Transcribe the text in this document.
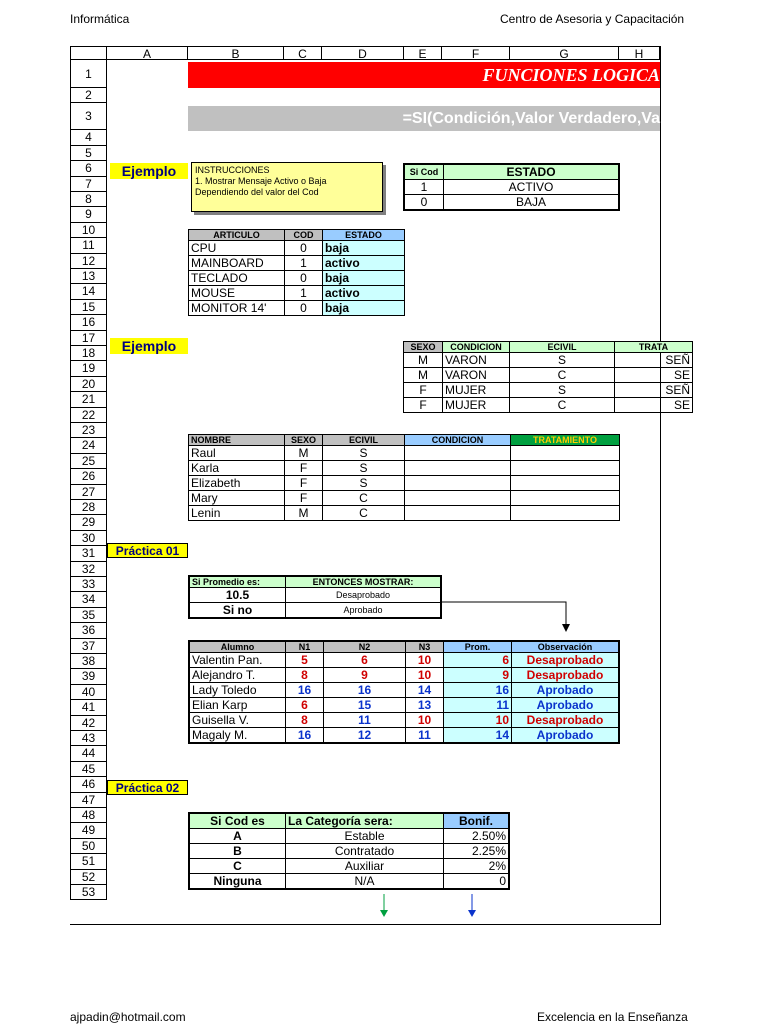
Informática	Centro de Asesoria y Capacitación
A	B	C	D	E	F	G	H
1
2
3
4
5
6
7
8
9
10
11
12
13
14
15
16
17
18
19
20
21
22
23
24
25
26
27
28
29
30
31
32
33
34
35
36
37
38
39
40
41
42
43
44
45
46
47
48
49
50
51
52
53
FUNCIONES LOGICA
=SI(Condición,Valor Verdadero,Va
Ejemplo	INSTRUCCIONES
1. Mostrar Mensaje Activo o Baja
Dependiendo del valor del Cod
Si Cod	ESTADO
1	ACTIVO
0	BAJA
ARTICULO	COD	ESTADO
CPU	0	baja
MAINBOARD	1	activo
TECLADO	0	baja
MOUSE	1	activo
MONITOR 14'	0	baja
Ejemplo	SEXO	CONDICION	ECIVIL	TRATA
M	VARON	S	SEÑ
M	VARON	C	SE
F	MUJER	S	SEÑ
F	MUJER	C	SE
NOMBRE	SEXO	ECIVIL	CONDICION	TRATAMIENTO
Raul	M	S		
Karla	F	S		
Elizabeth	F	S		
Mary	F	C		
Lenin	M	C		
Práctica 01
Si Promedio es:	ENTONCES MOSTRAR:
10.5	Desaprobado
Si no	Aprobado
Alumno	N1	N2	N3	Prom.	Observación
Valentin Pan.	5	6	10	6	Desaprobado
Alejandro T.	8	9	10	9	Desaprobado
Lady Toledo	16	16	14	16	Aprobado
Elian Karp	6	15	13	11	Aprobado
Guisella V.	8	11	10	10	Desaprobado
Magaly M.	16	12	11	14	Aprobado
Práctica 02
Si Cod es	La Categoría sera:	Bonif.
A	Estable	2.50%
B	Contratado	2.25%
C	Auxiliar	2%
Ninguna	N/A	0
ajpadin@hotmail.com	Excelencia en la Enseñanza
